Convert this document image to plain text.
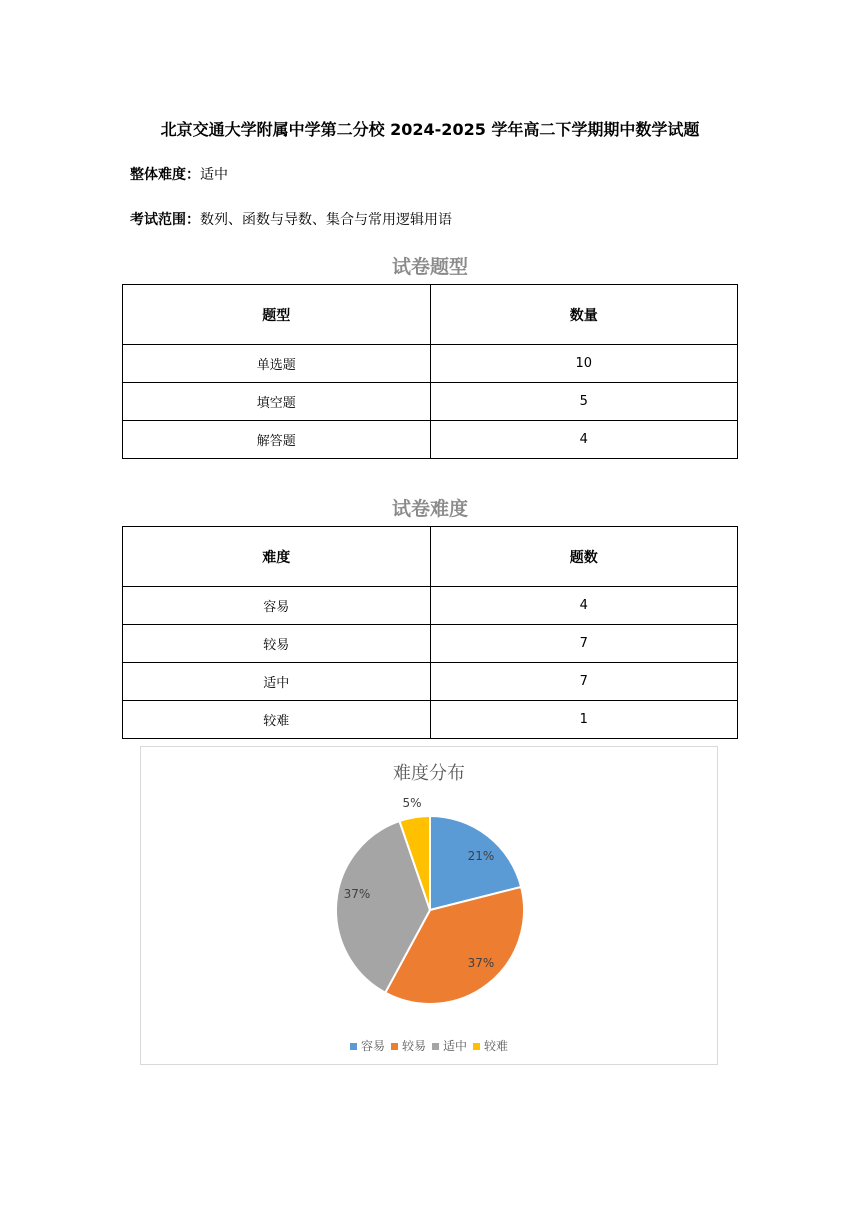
北京交通大学附属中学第二分校 2024-2025 学年高二下学期期中数学试题
整体难度：适中
考试范围：数列、函数与导数、集合与常用逻辑用语
试卷题型
题型	数量
单选题	10
填空题	5
解答题	4
试卷难度
难度	题数
容易	4
较易	7
适中	7
较难	1
难度分布
21%
37%
37%
5%
容易 较易 适中 较难
